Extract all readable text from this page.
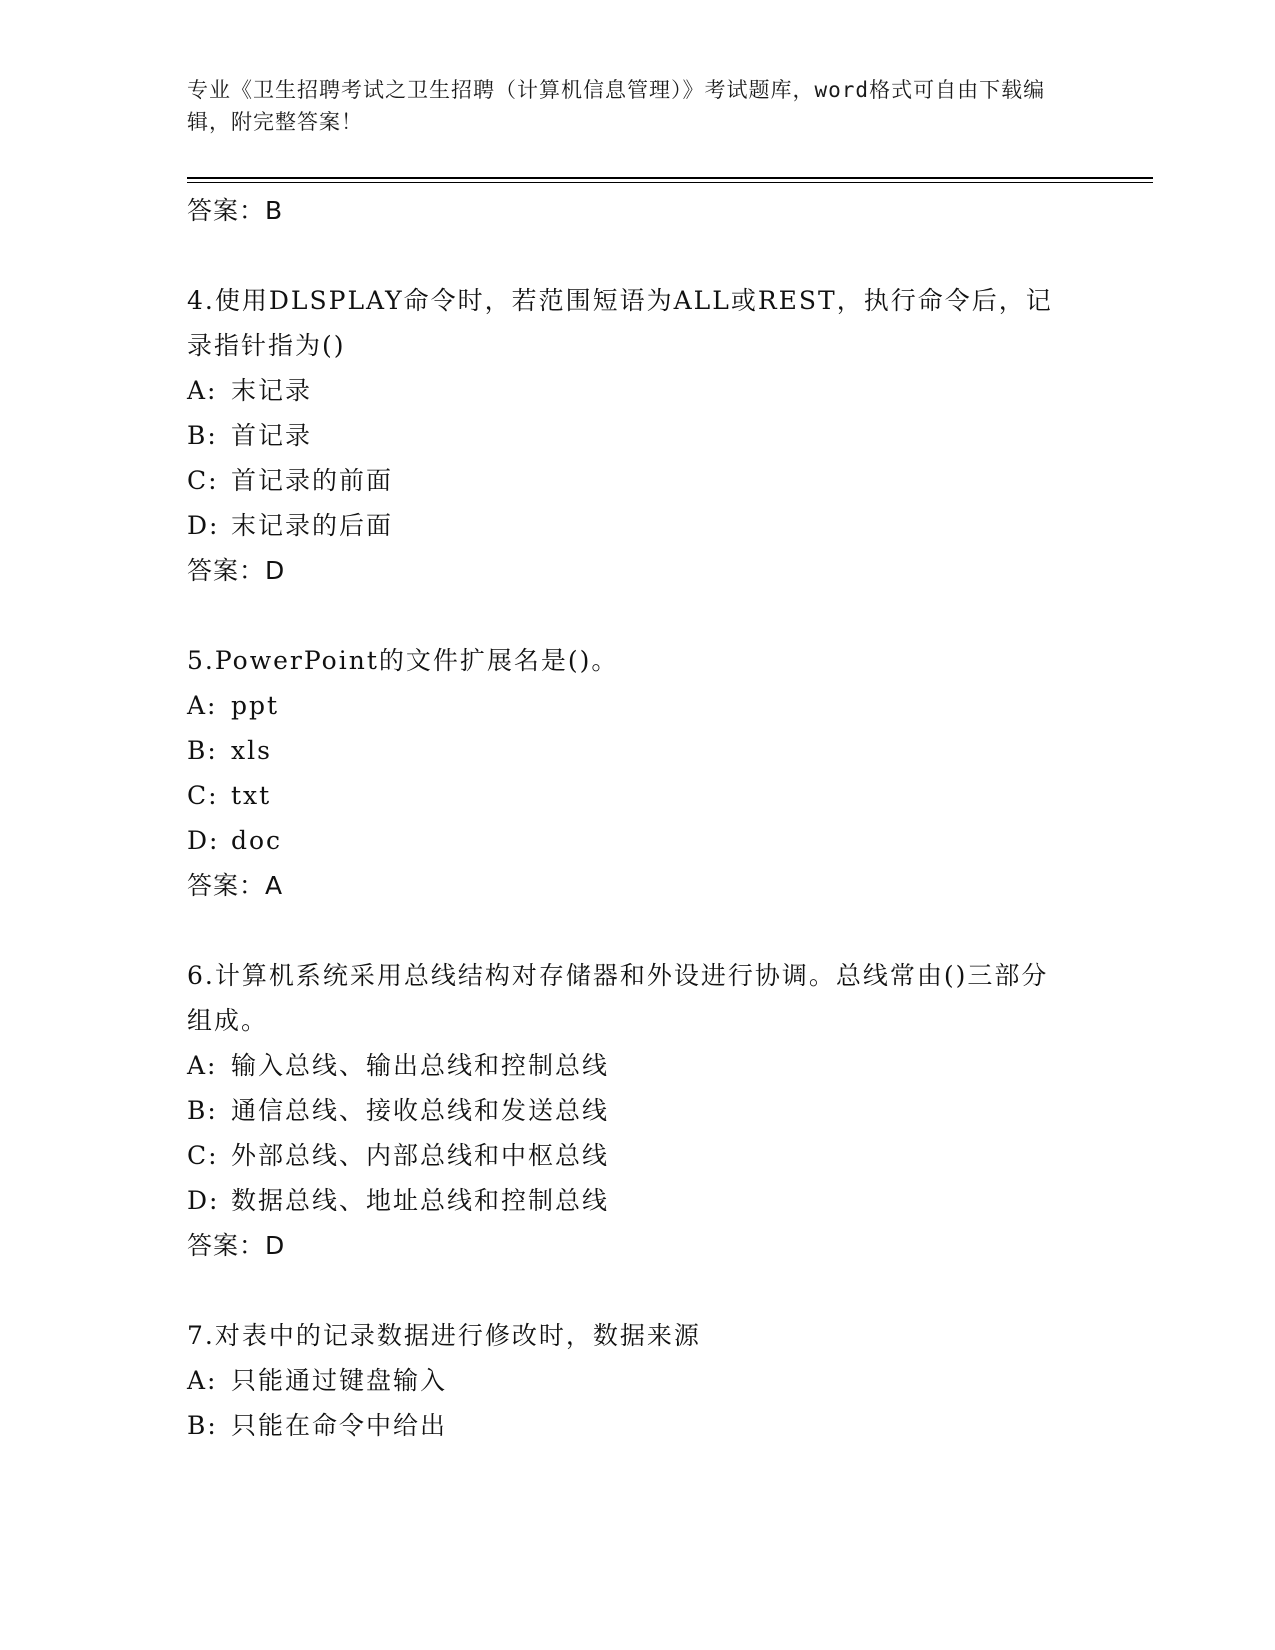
专业《卫生招聘考试之卫生招聘（计算机信息管理）》考试题库，word格式可自由下载编辑，附完整答案！
答案：B
4.使用DLSPLAY命令时，若范围短语为ALL或REST，执行命令后，记录指针指为()
A: 末记录
B: 首记录
C: 首记录的前面
D: 末记录的后面
答案：D
5.PowerPoint的文件扩展名是()。
A: ppt
B: xls
C: txt
D: doc
答案：A
6.计算机系统采用总线结构对存储器和外设进行协调。总线常由()三部分组成。
A: 输入总线、输出总线和控制总线
B: 通信总线、接收总线和发送总线
C: 外部总线、内部总线和中枢总线
D: 数据总线、地址总线和控制总线
答案：D
7.对表中的记录数据进行修改时，数据来源
A: 只能通过键盘输入
B: 只能在命令中给出
